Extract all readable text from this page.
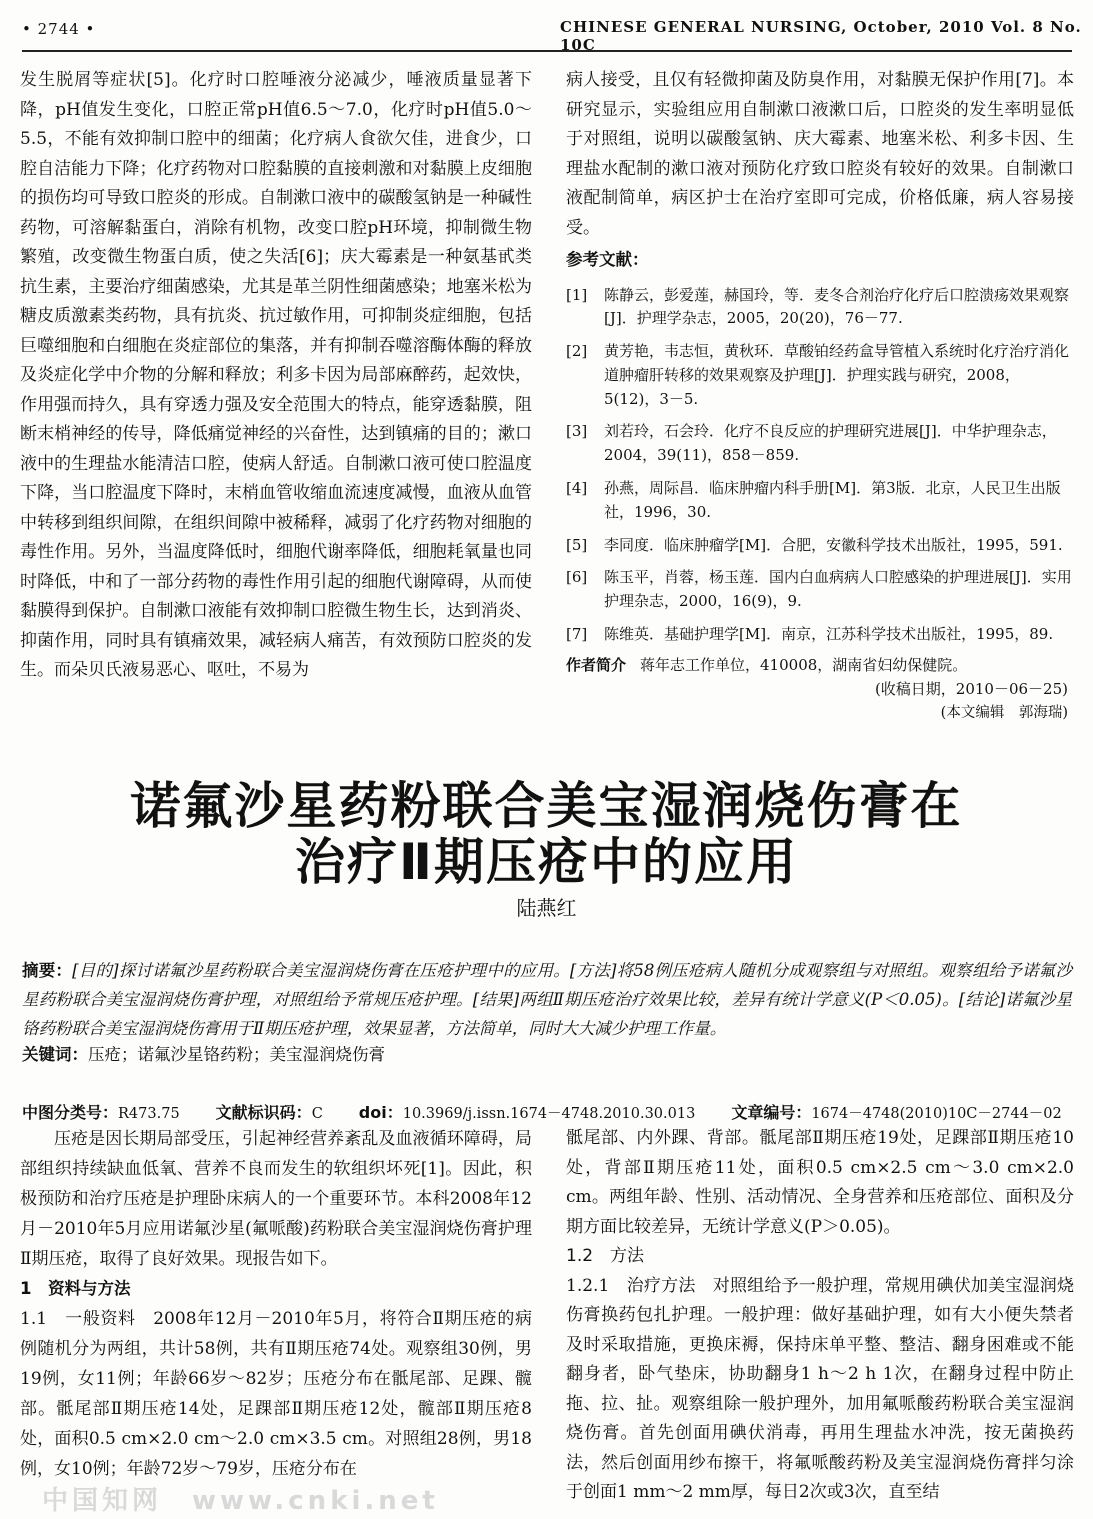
• 2744 •	CHINESE GENERAL NURSING, October, 2010 Vol. 8 No. 10C

发生脱屑等症状[5]。化疗时口腔唾液分泌减少，唾液质量显著下降，pH值发生变化，口腔正常pH值6.5～7.0，化疗时pH值5.0～5.5，不能有效抑制口腔中的细菌；化疗病人食欲欠佳，进食少，口腔自洁能力下降；化疗药物对口腔黏膜的直接刺激和对黏膜上皮细胞的损伤均可导致口腔炎的形成。自制漱口液中的碳酸氢钠是一种碱性药物，可溶解黏蛋白，消除有机物，改变口腔pH环境，抑制微生物繁殖，改变微生物蛋白质，使之失活[6]；庆大霉素是一种氨基甙类抗生素，主要治疗细菌感染，尤其是革兰阴性细菌感染；地塞米松为糖皮质激素类药物，具有抗炎、抗过敏作用，可抑制炎症细胞，包括巨噬细胞和白细胞在炎症部位的集落，并有抑制吞噬溶酶体酶的释放及炎症化学中介物的分解和释放；利多卡因为局部麻醉药，起效快，作用强而持久，具有穿透力强及安全范围大的特点，能穿透黏膜，阻断末梢神经的传导，降低痛觉神经的兴奋性，达到镇痛的目的；漱口液中的生理盐水能清洁口腔，使病人舒适。自制漱口液可使口腔温度下降，当口腔温度下降时，末梢血管收缩血流速度减慢，血液从血管中转移到组织间隙，在组织间隙中被稀释，减弱了化疗药物对细胞的毒性作用。另外，当温度降低时，细胞代谢率降低，细胞耗氧量也同时降低，中和了一部分药物的毒性作用引起的细胞代谢障碍，从而使黏膜得到保护。自制漱口液能有效抑制口腔微生物生长，达到消炎、抑菌作用，同时具有镇痛效果，减轻病人痛苦，有效预防口腔炎的发生。而朵贝氏液易恶心、呕吐，不易为

病人接受，且仅有轻微抑菌及防臭作用，对黏膜无保护作用[7]。本研究显示，实验组应用自制漱口液漱口后，口腔炎的发生率明显低于对照组，说明以碳酸氢钠、庆大霉素、地塞米松、利多卡因、生理盐水配制的漱口液对预防化疗致口腔炎有较好的效果。自制漱口液配制简单，病区护士在治疗室即可完成，价格低廉，病人容易接受。

参考文献：
[1]	陈静云，彭爱莲，赫国玲，等．麦冬合剂治疗化疗后口腔溃疡效果观察[J]．护理学杂志，2005，20(20)，76－77.
[2]	黄芳艳，韦志恒，黄秋环．草酸铂经药盒导管植入系统时化疗治疗消化道肿瘤肝转移的效果观察及护理[J]．护理实践与研究，2008，5(12)，3－5.
[3]	刘若玲，石会玲．化疗不良反应的护理研究进展[J]．中华护理杂志，2004，39(11)，858－859.
[4]	孙燕，周际昌．临床肿瘤内科手册[M]．第3版．北京，人民卫生出版社，1996，30.
[5]	李同度．临床肿瘤学[M]．合肥，安徽科学技术出版社，1995，591.
[6]	陈玉平，肖蓉，杨玉莲．国内白血病病人口腔感染的护理进展[J]．实用护理杂志，2000，16(9)，9.
[7]	陈维英．基础护理学[M]．南京，江苏科学技术出版社，1995，89.
作者简介 蒋年志工作单位，410008，湖南省妇幼保健院。
(收稿日期，2010－06－25)
(本文编辑　郭海瑞)
诺氟沙星药粉联合美宝湿润烧伤膏在
治疗Ⅱ期压疮中的应用
陆燕红
摘要：[目的]探讨诺氟沙星药粉联合美宝湿润烧伤膏在压疮护理中的应用。[方法]将58例压疮病人随机分成观察组与对照组。观察组给予诺氟沙星药粉联合美宝湿润烧伤膏护理，对照组给予常规压疮护理。[结果]两组Ⅱ期压疮治疗效果比较，差异有统计学意义(P＜0.05)。[结论]诺氟沙星铬药粉联合美宝湿润烧伤膏用于Ⅱ期压疮护理，效果显著，方法简单，同时大大减少护理工作量。
关键词：压疮；诺氟沙星铬药粉；美宝湿润烧伤膏
中图分类号：R473.75 文献标识码：C doi：10.3969/j.issn.1674－4748.2010.30.013 文章编号：1674－4748(2010)10C－2744－02
压疮是因长期局部受压，引起神经营养紊乱及血液循环障碍，局部组织持续缺血低氧、营养不良而发生的软组织坏死[1]。因此，积极预防和治疗压疮是护理卧床病人的一个重要环节。本科2008年12月－2010年5月应用诺氟沙星(氟哌酸)药粉联合美宝湿润烧伤膏护理Ⅱ期压疮，取得了良好效果。现报告如下。
1　资料与方法
1.1　一般资料　2008年12月－2010年5月，将符合Ⅱ期压疮的病例随机分为两组，共计58例，共有Ⅱ期压疮74处。观察组30例，男19例，女11例；年龄66岁～82岁；压疮分布在骶尾部、足踝、髋部。骶尾部Ⅱ期压疮14处，足踝部Ⅱ期压疮12处，髋部Ⅱ期压疮8处，面积0.5 cm×2.0 cm～2.0 cm×3.5 cm。对照组28例，男18例，女10例；年龄72岁～79岁，压疮分布在
骶尾部、内外踝、背部。骶尾部Ⅱ期压疮19处，足踝部Ⅱ期压疮10处，背部Ⅱ期压疮11处，面积0.5 cm×2.5 cm～3.0 cm×2.0 cm。两组年龄、性别、活动情况、全身营养和压疮部位、面积及分期方面比较差异，无统计学意义(P＞0.05)。
1.2　方法
1.2.1　治疗方法　对照组给予一般护理，常规用碘伏加美宝湿润烧伤膏换药包扎护理。一般护理：做好基础护理，如有大小便失禁者及时采取措施，更换床褥，保持床单平整、整洁、翻身困难或不能翻身者，卧气垫床，协助翻身1 h～2 h 1次，在翻身过程中防止拖、拉、扯。观察组除一般护理外，加用氟哌酸药粉联合美宝湿润烧伤膏。首先创面用碘伏消毒，再用生理盐水冲洗，按无菌换药法，然后创面用纱布擦干，将氟哌酸药粉及美宝湿润烧伤膏拌匀涂于创面1 mm～2 mm厚，每日2次或3次，直至结
中国知网　www.cnki.net
